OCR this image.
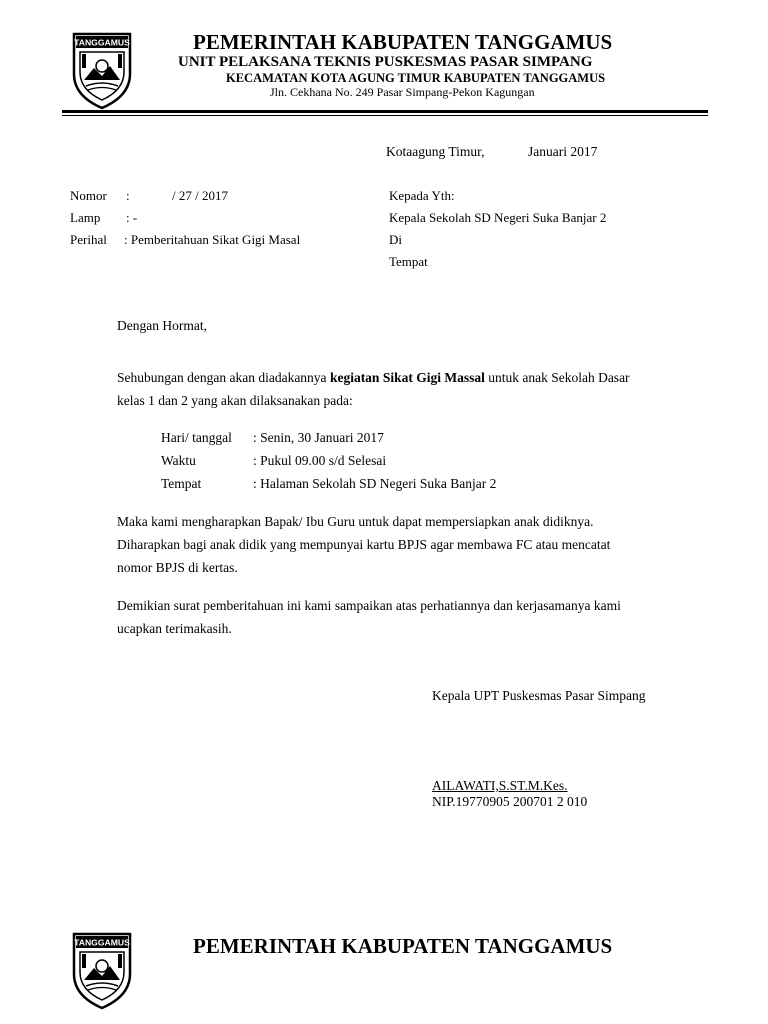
TANGGAMUS	PEMERINTAH KABUPATEN TANGGAMUS
UNIT PELAKSANA TEKNIS PUSKESMAS PASAR SIMPANG
KECAMATAN KOTA AGUNG TIMUR KABUPATEN TANGGAMUS
Jln. Cekhana No. 249 Pasar Simpang-Pekon Kagungan
Kotaagung Timur,	Januari 2017
Nomor :	/ 27 / 2017
Lamp : -
Perihal : Pemberitahuan Sikat Gigi Masal
Kepada Yth:
Kepala Sekolah SD Negeri Suka Banjar 2
Di
Tempat
Dengan Hormat,
Sehubungan dengan akan diadakannya kegiatan Sikat Gigi Massal untuk anak Sekolah Dasar
kelas 1 dan 2 yang akan dilaksanakan pada:
Hari/ tanggal : Senin, 30 Januari 2017
Waktu	: Pukul 09.00 s/d Selesai
Tempat	: Halaman Sekolah SD Negeri Suka Banjar 2
Maka kami mengharapkan Bapak/ Ibu Guru untuk dapat mempersiapkan anak didiknya.
Diharapkan bagi anak didik yang mempunyai kartu BPJS agar membawa FC atau mencatat
nomor BPJS di kertas.
Demikian surat pemberitahuan ini kami sampaikan atas perhatiannya dan kerjasamanya kami
ucapkan terimakasih.
Kepala UPT Puskesmas Pasar Simpang
AILAWATI,S.ST.M.Kes.
NIP.19770905 200701 2 010
TANGGAMUS	PEMERINTAH KABUPATEN TANGGAMUS
